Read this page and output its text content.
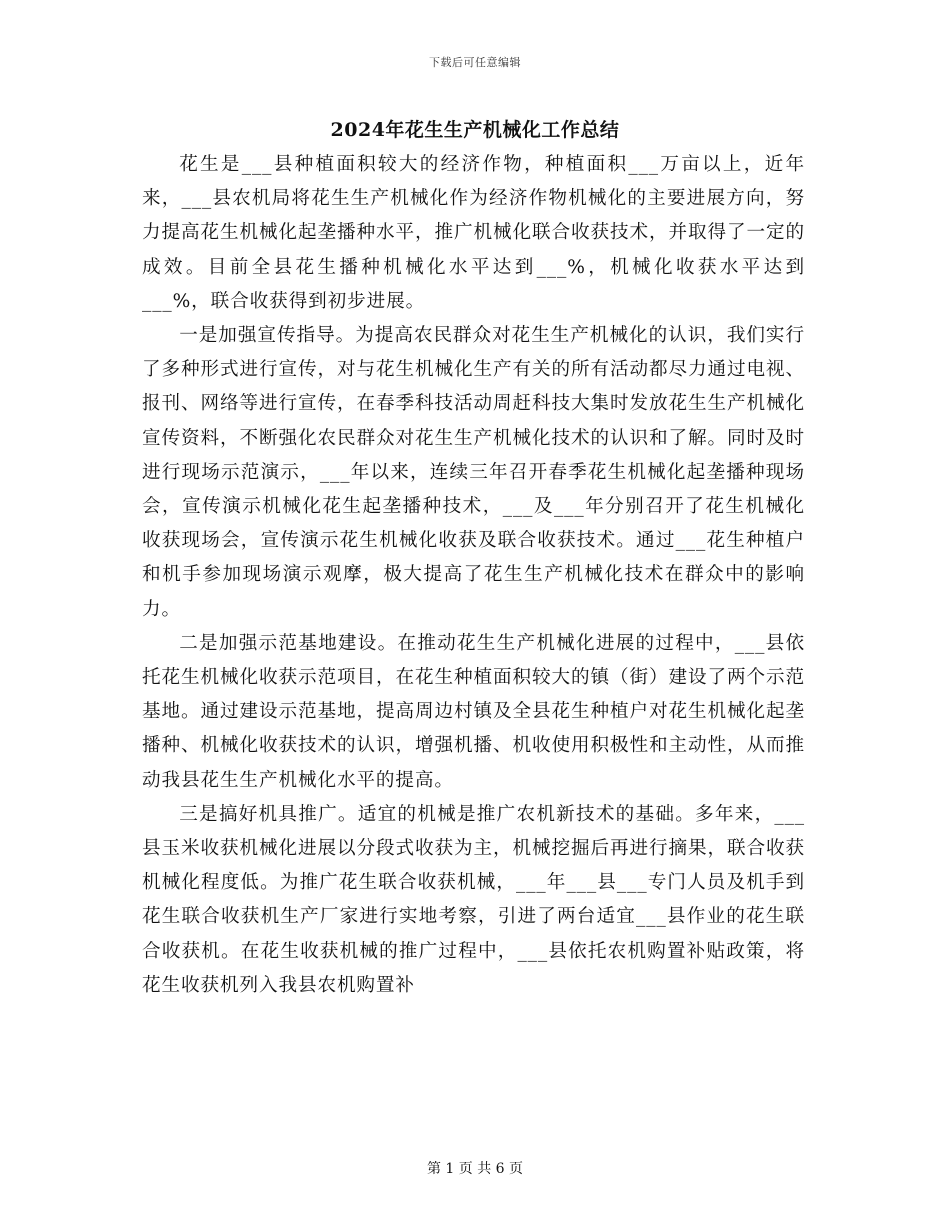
下载后可任意编辑
2024年花生生产机械化工作总结

花生是___县种植面积较大的经济作物，种植面积___万亩以上，近年来，___县农机局将花生生产机械化作为经济作物机械化的主要进展方向，努力提高花生机械化起垄播种水平，推广机械化联合收获技术，并取得了一定的成效。目前全县花生播种机械化水平达到___%，机械化收获水平达到___%，联合收获得到初步进展。

一是加强宣传指导。为提高农民群众对花生生产机械化的认识，我们实行了多种形式进行宣传，对与花生机械化生产有关的所有活动都尽力通过电视、报刊、网络等进行宣传，在春季科技活动周赶科技大集时发放花生生产机械化宣传资料，不断强化农民群众对花生生产机械化技术的认识和了解。同时及时进行现场示范演示，___年以来，连续三年召开春季花生机械化起垄播种现场会，宣传演示机械化花生起垄播种技术，___及___年分别召开了花生机械化收获现场会，宣传演示花生机械化收获及联合收获技术。通过___花生种植户和机手参加现场演示观摩，极大提高了花生生产机械化技术在群众中的影响力。

二是加强示范基地建设。在推动花生生产机械化进展的过程中，___县依托花生机械化收获示范项目，在花生种植面积较大的镇（街）建设了两个示范基地。通过建设示范基地，提高周边村镇及全县花生种植户对花生机械化起垄播种、机械化收获技术的认识，增强机播、机收使用积极性和主动性，从而推动我县花生生产机械化水平的提高。

三是搞好机具推广。适宜的机械是推广农机新技术的基础。多年来，___县玉米收获机械化进展以分段式收获为主，机械挖掘后再进行摘果，联合收获机械化程度低。为推广花生联合收获机械，___年___县___专门人员及机手到花生联合收获机生产厂家进行实地考察，引进了两台适宜___县作业的花生联合收获机。在花生收获机械的推广过程中，___县依托农机购置补贴政策，将花生收获机列入我县农机购置补

第 1 页 共 6 页
